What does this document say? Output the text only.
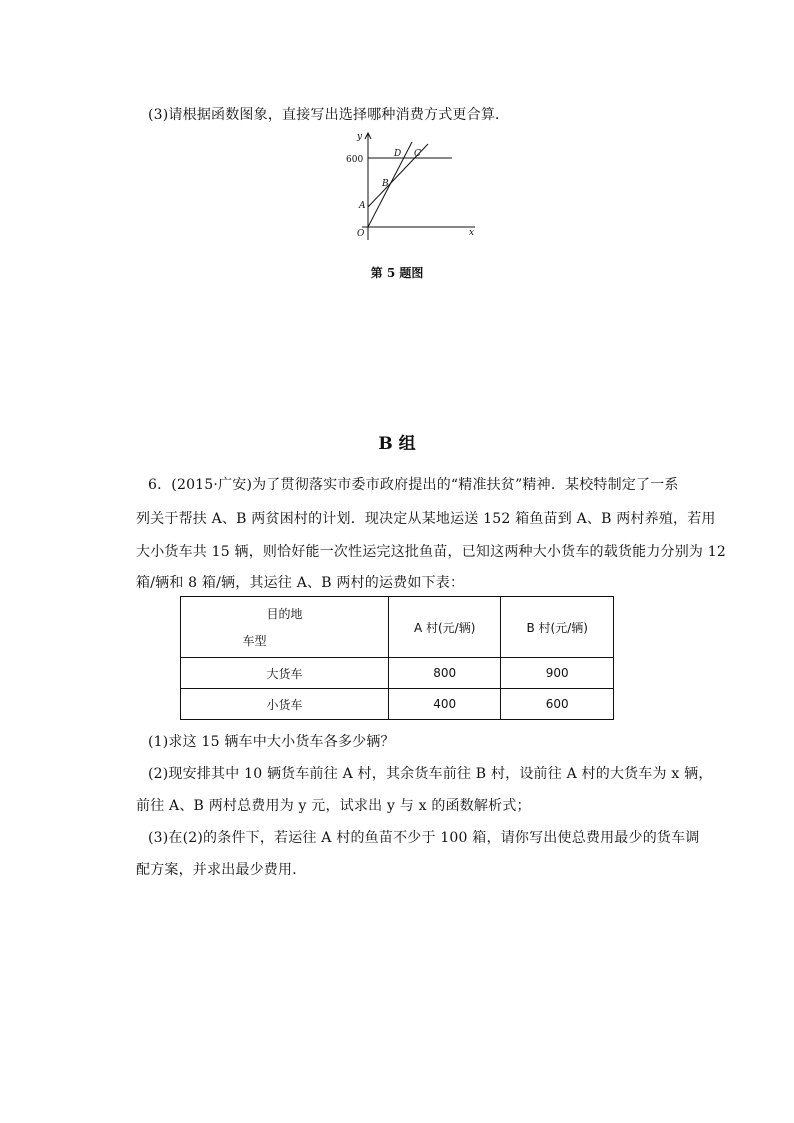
(3)请根据函数图象，直接写出选择哪种消费方式更合算．
y
x
O
600
A
B
C
D
第 5 题图
B 组
6．(2015·广安)为了贯彻落实市委市政府提出的“精准扶贫”精神．某校特制定了一系
列关于帮扶 A、B 两贫困村的计划．现决定从某地运送 152 箱鱼苗到 A、B 两村养殖，若用
大小货车共 15 辆，则恰好能一次性运完这批鱼苗，已知这两种大小货车的载货能力分别为 12
箱/辆和 8 箱/辆，其运往 A、B 两村的运费如下表：
目的地
车型	A 村(元/辆)	B 村(元/辆)
大货车	800	900
小货车	400	600
(1)求这 15 辆车中大小货车各多少辆？
(2)现安排其中 10 辆货车前往 A 村，其余货车前往 B 村，设前往 A 村的大货车为 x 辆，
前往 A、B 两村总费用为 y 元，试求出 y 与 x 的函数解析式；
(3)在(2)的条件下，若运往 A 村的鱼苗不少于 100 箱，请你写出使总费用最少的货车调
配方案，并求出最少费用．
